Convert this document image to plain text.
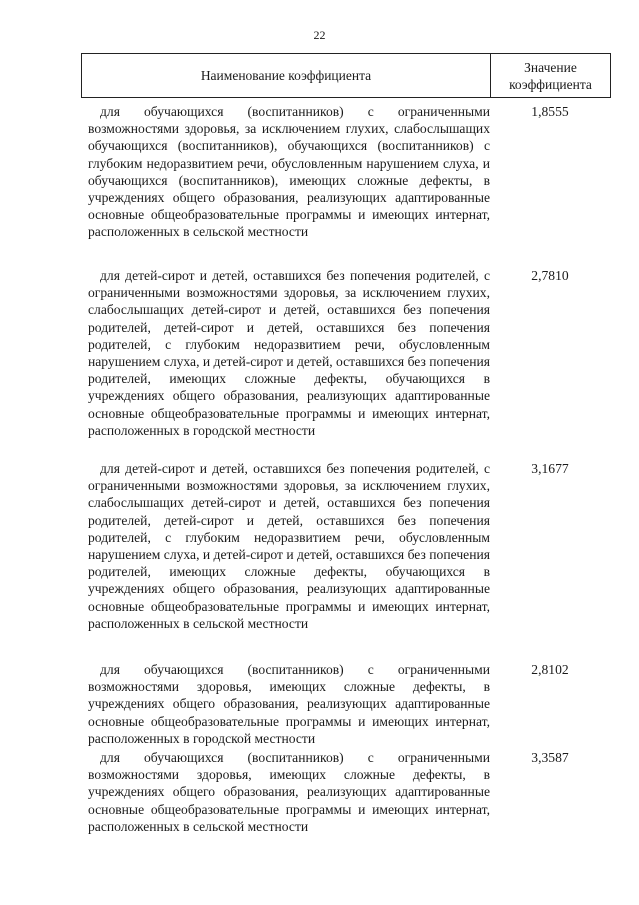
22
Наименование коэффициента
Значение
коэффициента
для обучающихся (воспитанников) с ограниченными возможностями здоровья, за исключением глухих, слабослышащих обучающихся (воспитанников), обучающихся (воспитанников) с глубоким недоразвитием речи, обусловленным нарушением слуха, и обучающихся (воспитанников), имеющих сложные дефекты, в учреждениях общего образования, реализующих адаптированные основные общеобразовательные программы и имеющих интернат, расположенных в сельской местности
1,8555
для детей-сирот и детей, оставшихся без попечения родителей, с ограниченными возможностями здоровья, за исключением глухих, слабослышащих детей-сирот и детей, оставшихся без попечения родителей, детей-сирот и детей, оставшихся без попечения родителей, с глубоким недоразвитием речи, обусловленным нарушением слуха, и детей-сирот и детей, оставшихся без попечения родителей, имеющих сложные дефекты, обучающихся в учреждениях общего образования, реализующих адаптированные основные общеобразовательные программы и имеющих интернат, расположенных в городской местности
2,7810
для детей-сирот и детей, оставшихся без попечения родителей, с ограниченными возможностями здоровья, за исключением глухих, слабослышащих детей-сирот и детей, оставшихся без попечения родителей, детей-сирот и детей, оставшихся без попечения родителей, с глубоким недоразвитием речи, обусловленным нарушением слуха, и детей-сирот и детей, оставшихся без попечения родителей, имеющих сложные дефекты, обучающихся в учреждениях общего образования, реализующих адаптированные основные общеобразовательные программы и имеющих интернат, расположенных в сельской местности
3,1677
для обучающихся (воспитанников) с ограниченными возможностями здоровья, имеющих сложные дефекты, в учреждениях общего образования, реализующих адаптированные основные общеобразовательные программы и имеющих интернат, расположенных в городской местности
2,8102
для обучающихся (воспитанников) с ограниченными возможностями здоровья, имеющих сложные дефекты, в учреждениях общего образования, реализующих адаптированные основные общеобразовательные программы и имеющих интернат, расположенных в сельской местности
3,3587
